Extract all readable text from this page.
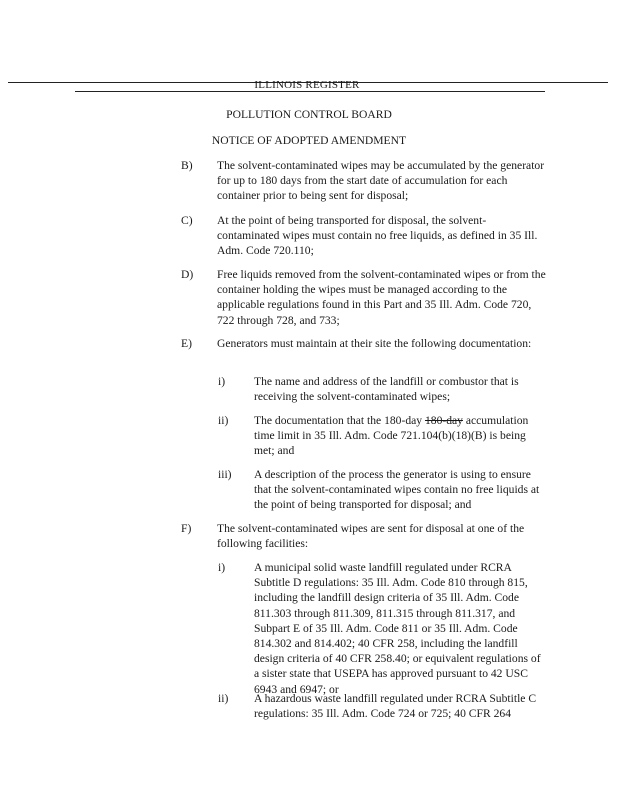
ILLINOIS REGISTER
POLLUTION CONTROL BOARD
NOTICE OF ADOPTED AMENDMENT
B)	The solvent-contaminated wipes may be accumulated by the generator for up to 180 days from the start date of accumulation for each container prior to being sent for disposal;

C)	At the point of being transported for disposal, the solvent-contaminated wipes must contain no free liquids, as defined in 35 Ill. Adm. Code 720.110;

D)	Free liquids removed from the solvent-contaminated wipes or from the container holding the wipes must be managed according to the applicable regulations found in this Part and 35 Ill. Adm. Code 720, 722 through 728, and 733;

E)	Generators must maintain at their site the following documentation:

i)	The name and address of the landfill or combustor that is receiving the solvent-contaminated wipes;

ii)	The documentation that the 180-day 180-day accumulation time limit in 35 Ill. Adm. Code 721.104(b)(18)(B) is being met; and

iii)	A description of the process the generator is using to ensure that the solvent-contaminated wipes contain no free liquids at the point of being transported for disposal; and

F)	The solvent-contaminated wipes are sent for disposal at one of the following facilities:

i)	A municipal solid waste landfill regulated under RCRA Subtitle D regulations: 35 Ill. Adm. Code 810 through 815, including the landfill design criteria of 35 Ill. Adm. Code 811.303 through 811.309, 811.315 through 811.317, and Subpart E of 35 Ill. Adm. Code 811 or 35 Ill. Adm. Code 814.302 and 814.402; 40 CFR 258, including the landfill design criteria of 40 CFR 258.40; or equivalent regulations of a sister state that USEPA has approved pursuant to 42 USC 6943 and 6947; or

ii)	A hazardous waste landfill regulated under RCRA Subtitle C regulations: 35 Ill. Adm. Code 724 or 725; 40 CFR 264
